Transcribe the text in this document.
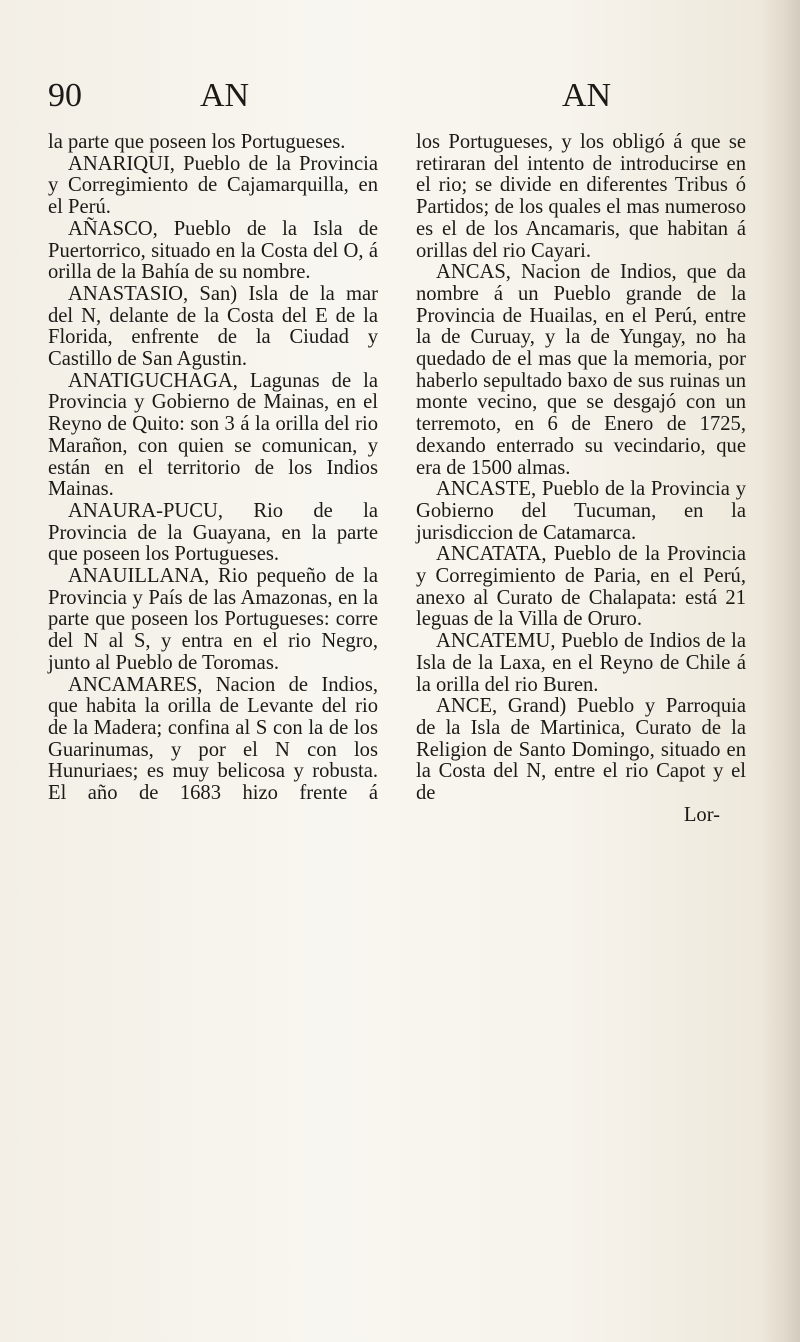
90	AN	AN

la parte que poseen los Portugueses.

ANARIQUI, Pueblo de la Provincia y Corregimiento de Cajamarquilla, en el Perú.

AÑASCO, Pueblo de la Isla de Puertorrico, situado en la Costa del O, á orilla de la Bahía de su nombre.

ANASTASIO, San) Isla de la mar del N, delante de la Costa del E de la Florida, enfrente de la Ciudad y Castillo de San Agustin.

ANATIGUCHAGA, Lagunas de la Provincia y Gobierno de Mainas, en el Reyno de Quito: son 3 á la orilla del rio Marañon, con quien se comunican, y están en el territorio de los Indios Mainas.

ANAURA-PUCU, Rio de la Provincia de la Guayana, en la parte que poseen los Portugueses.

ANAUILLANA, Rio pequeño de la Provincia y País de las Amazonas, en la parte que poseen los Portugueses: corre del N al S, y entra en el rio Negro, junto al Pueblo de Toromas.

ANCAMARES, Nacion de Indios, que habita la orilla de Levante del rio de la Madera; confina al S con la de los Guarinumas, y por el N con los Hunuriaes; es muy belicosa y robusta. El año de 1683 hizo frente á

los Portugueses, y los obligó á que se retiraran del intento de introducirse en el rio; se divide en diferentes Tribus ó Partidos; de los quales el mas numeroso es el de los Ancamaris, que habitan á orillas del rio Cayari.

ANCAS, Nacion de Indios, que da nombre á un Pueblo grande de la Provincia de Huailas, en el Perú, entre la de Curuay, y la de Yungay, no ha quedado de el mas que la memoria, por haberlo sepultado baxo de sus ruinas un monte vecino, que se desgajó con un terremoto, en 6 de Enero de 1725, dexando enterrado su vecindario, que era de 1500 almas.

ANCASTE, Pueblo de la Provincia y Gobierno del Tucuman, en la jurisdiccion de Catamarca.

ANCATATA, Pueblo de la Provincia y Corregimiento de Paria, en el Perú, anexo al Curato de Chalapata: está 21 leguas de la Villa de Oruro.

ANCATEMU, Pueblo de Indios de la Isla de la Laxa, en el Reyno de Chile á la orilla del rio Buren.

ANCE, Grand) Pueblo y Parroquia de la Isla de Martinica, Curato de la Religion de Santo Domingo, situado en la Costa del N, entre el rio Capot y el de

Lor-
